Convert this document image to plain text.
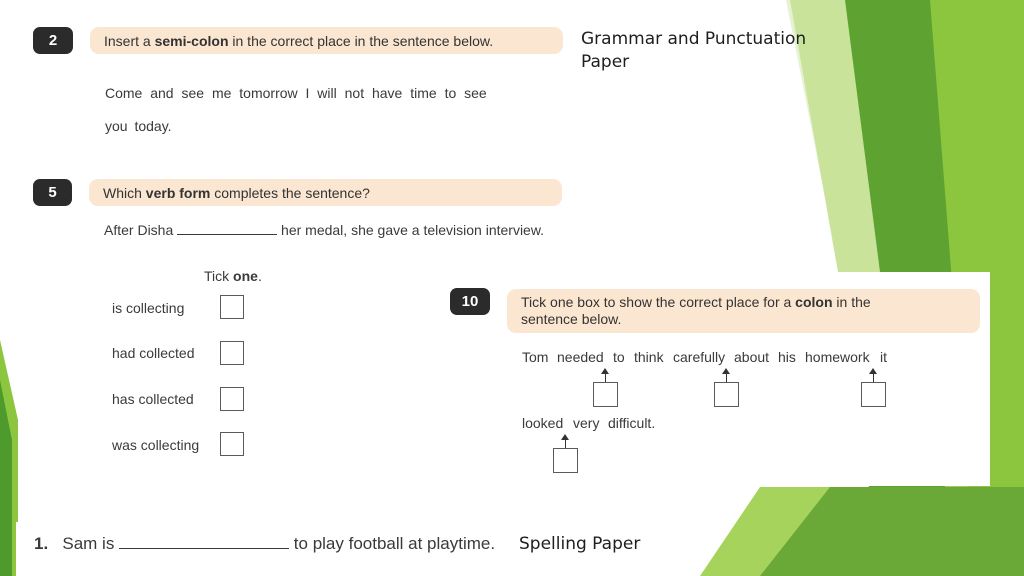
2	Insert a
semi-colon
in the correct place in the sentence below.
Come and see me tomorrow I will not have time to see
you today.
Grammar and Punctuation Paper
5	Which
verb form
completes the sentence?
After Disha	her medal, she gave a television interview.
Tick one.
is collecting
had collected
has collected
was collecting
10	Tick one box to show the correct place for a colon in the
sentence below.
Tom needed to think carefully about his homework it
looked very difficult.
1. Sam is	to play football at playtime. Spelling Paper
